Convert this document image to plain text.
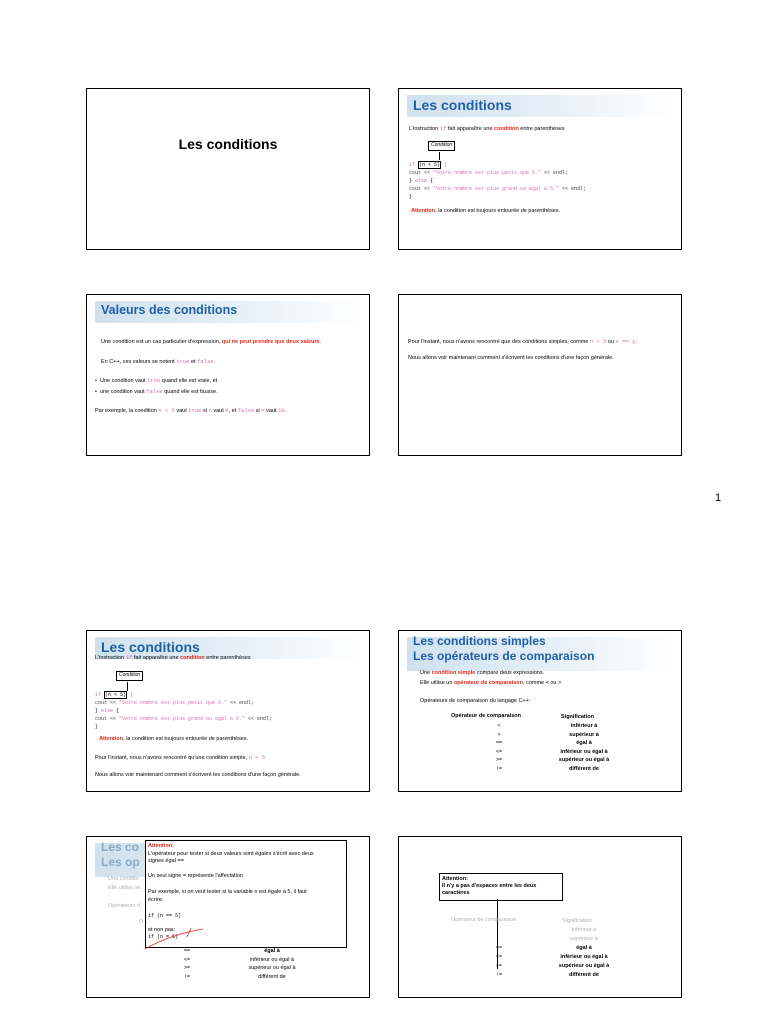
Les conditions
Les conditions
L'instruction if fait apparaître une condition entre parenthèses
Condition
if (n < 5) {
cout << "Votre nombre est plus petit que 5." << endl;
} else {
cout << "Votre nombre est plus grand ou egal a 5." << endl;
}
Attention, la condition est toujours entourée de parenthèses.
Valeurs des conditions
Une condition est un cas particulier d'expression, qui ne peut prendre que deux valeurs.
En C++, ces valeurs se notent true et false.
•  Une condition vaut true quand elle est vraie, et
•  une condition vaut false quand elle est fausse.
Par exemple, la condition n < 5 vaut true si n vaut 0, et false si n vaut 10.
Pour l'instant, nous n'avons rencontré que des conditions simples, comme n < 5 ou x == y.
Nous allons voir maintenant comment s'écrivent les conditions d'une façon générale.
1
Les conditions
L'instruction if fait apparaître une condition entre parenthèses
Condition
if (n < 5) {
cout << "Votre nombre est plus petit que 5." << endl;
} else {
cout << "Votre nombre est plus grand ou egal a 5." << endl;
}
Attention, la condition est toujours entourée de parenthèses.
Pour l'instant, nous n'avons rencontré qu'une condition simple, n < 5
Nous allons voir maintenant comment s'écrivent les conditions d'une façon générale.
Les conditions simples
Les opérateurs de comparaison
Une condition simple compare deux expressions.
Elle utilise un opérateur de comparaison, comme < ou >
Opérateurs de comparaison du langage C++:
Opérateur de comparaison	Signification
<
>
==
<=
>=
!=
inférieur à
supérieur à
égal à
inférieur ou égal à
supérieur ou égal à
différent de
Les co
Les op
Une conditio
Elle utilise un
Opérateurs d
O
==
<=
>=
!=
égal à
inférieur ou égal à
supérieur ou égal à
différent de
Attention:
L'opérateur pour tester si deux valeurs sont égales s'écrit avec deux
signes égal ==
Un seul signe = représente l'affectation
Par exemple, si on veut tester si la variable n est égale à 5, il faut
écrire:
if (n == 5)
et non pas:
if (n = 5)
Attention:
Il n'y a pas d'espaces entre les deux
caractères
Opérateur de comparaison	Signification

==
<=
>=
!=
inférieur à
supérieur à
égal à
inférieur ou égal à
supérieur ou égal à
différent de
